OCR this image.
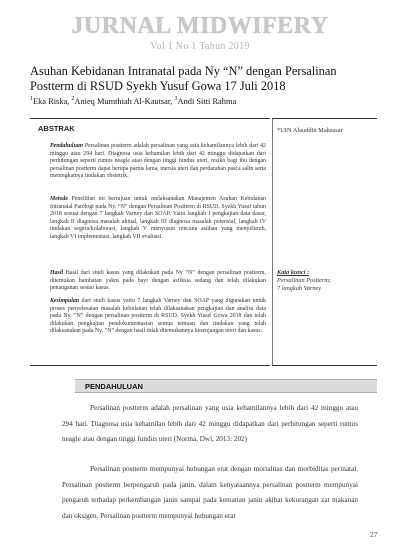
JURNAL MIDWIFERY
Vol 1 No 1 Tahun 2019
Asuhan Kebidanan Intranatal pada Ny “N” dengan Persalinan Postterm di RSUD Syekh Yusuf Gowa 17 Juli 2018
$^1$Eka Riska, $^2$Anieq Mumthiah Al-Kautsar, $^3$Andi Sitti Rahma
ABSTRAK

Pendahuluan Persalinan postterm adalah persalinan yang usia kehamilannya lebih dari 42 minggu atau 294 hari. Diagnosa usia kehamilan lebih dari 42 minggu didapatkan dari perhitungan seperti rumus neagle atau dengan tinggi fundus uteri, resiko bagi ibu dengan persalinan postterm dapat berupa partus lama, inersia uteri dan perdarahan pasca salin serta meningkatnya tindakan obstetrik.

Metode Penelitian ini bertujuan untuk melaksanakan Manajemen Asuhan Kebidanan Intranatal Patologi pada Ny. “N” dengan Persalinan Postterm di RSUD. Syekh Yusuf tahun 2018 sesuai dengan 7 langkah Varney dan SOAP. Yaitu langkah I pengkajian data dasar, langkah II diagnosa masalah aktual, langkah III diagnosa masalah potensial, langkah IV tindakan segera/kolaborasi, langkah V menyusun rencana asuhan yang menyeluruh, langkah VI implementasi, langkah VII evaluasi.

Hasil Hasil dari studi kasus yang dilakukan pada Ny “N” dengan persalinan postterm, ditemukan hambatan yakni pada bayi dengan asfiksia sedang dan telah dilakukan penanganan sesuai kasus.

Kesimpulan dari studi kasus yaitu 7 langkah Varney dan SOAP yang digunakan untuk proses penyelesaian masalah kebidanan telah dilaksanakan pengkajian dan analisa data pada Ny. “N” dengan persalinan postterm di RSUD. Syekh Yusuf Gowa 2018 dan telah dilakukan pengkajian pendokumentasian semua temuan dan tindakan yang telah dilaksanakan pada Ny. “N” dengan hasil tidak ditemukannya kesenjangan teori dan kasus.

*UIN Alauddin Makassar
Kata kunci :
Persalinan Postterm;
7 langkah Varney
PENDAHULUAN

Persalinan postterm adalah persalinan yang usia kehamilannya lebih dari 42 minggu atau 294 hari. Diagnosa usia kehamilan lebih dari 42 minggu didapatkan dari perhitungan seperti rumus neagle atau dengan tinggi fundus uteri (Norma, Dwi, 2013: 202)

Persalinan postterm mempunyai hubungan erat dengan mortalitas dan morbiditas perinatal. Persalinan postterm berpengaruh pada janin, dalam kenyataannya persalinan postterm mempunyai pengaruh terhadap perkembangan janin sampai pada kematian janin akibat kekurangan zat makanan dan oksigen. Persalinan postterm mempunyai hubungan erat

27
